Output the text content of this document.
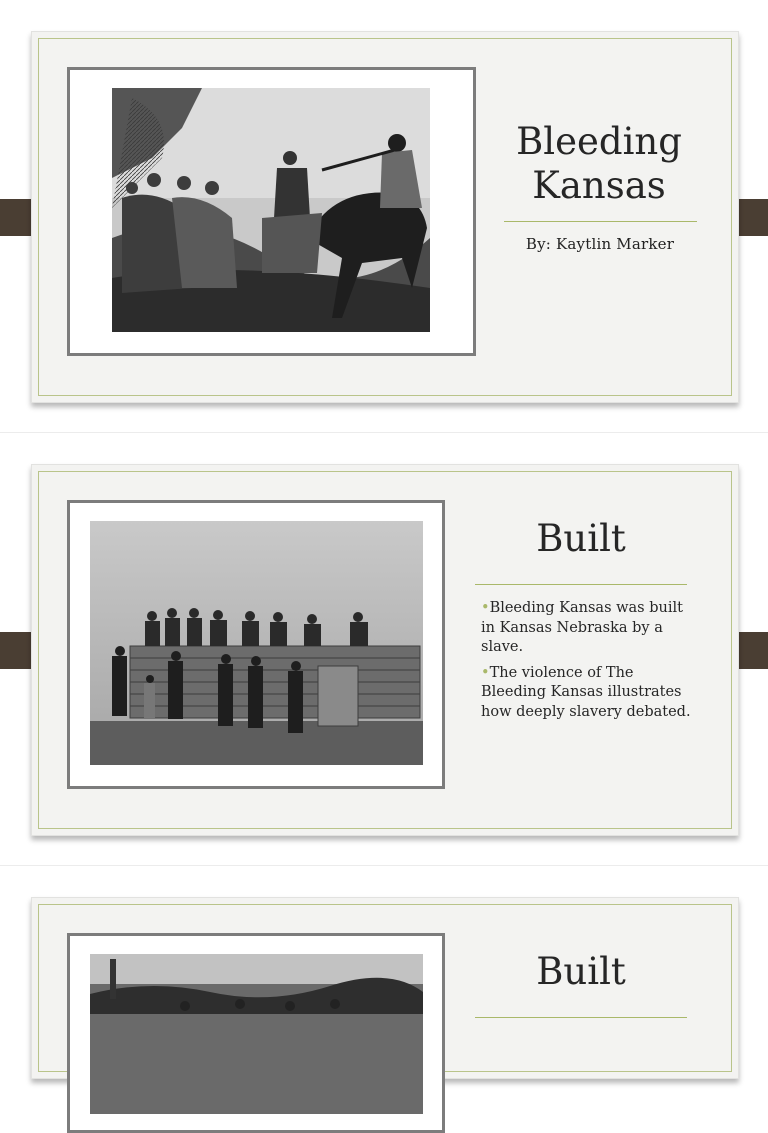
Bleeding
Kansas
By: Kaytlin Marker
Built
•Bleeding Kansas was built in Kansas Nebraska by a slave.
•The violence of The Bleeding Kansas illustrates how deeply slavery debated.
Built
